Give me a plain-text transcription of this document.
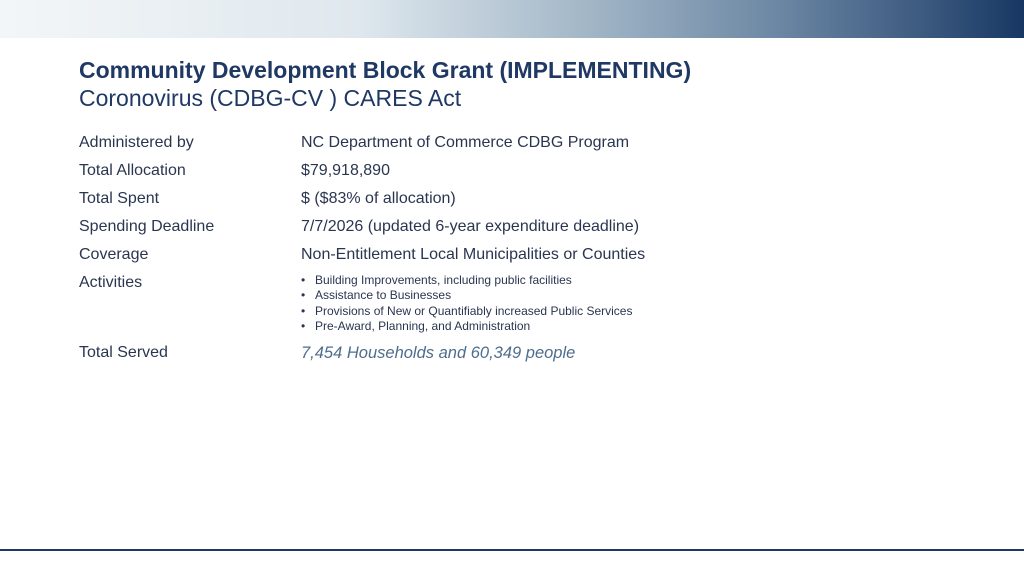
Community Development Block Grant (IMPLEMENTING)
Coronovirus (CDBG-CV ) CARES Act
Administered by	NC Department of Commerce CDBG Program
Total Allocation	$79,918,890
Total Spent	$ ($83% of allocation)
Spending Deadline	7/7/2026 (updated 6-year expenditure deadline)
Coverage	Non-Entitlement Local Municipalities or Counties
Activities
•	Building Improvements, including public facilities
• Assistance to Businesses
• Provisions of New or Quantifiably increased Public Services
• Pre-Award, Planning, and Administration
Total Served	7,454 Households and 60,349 people
